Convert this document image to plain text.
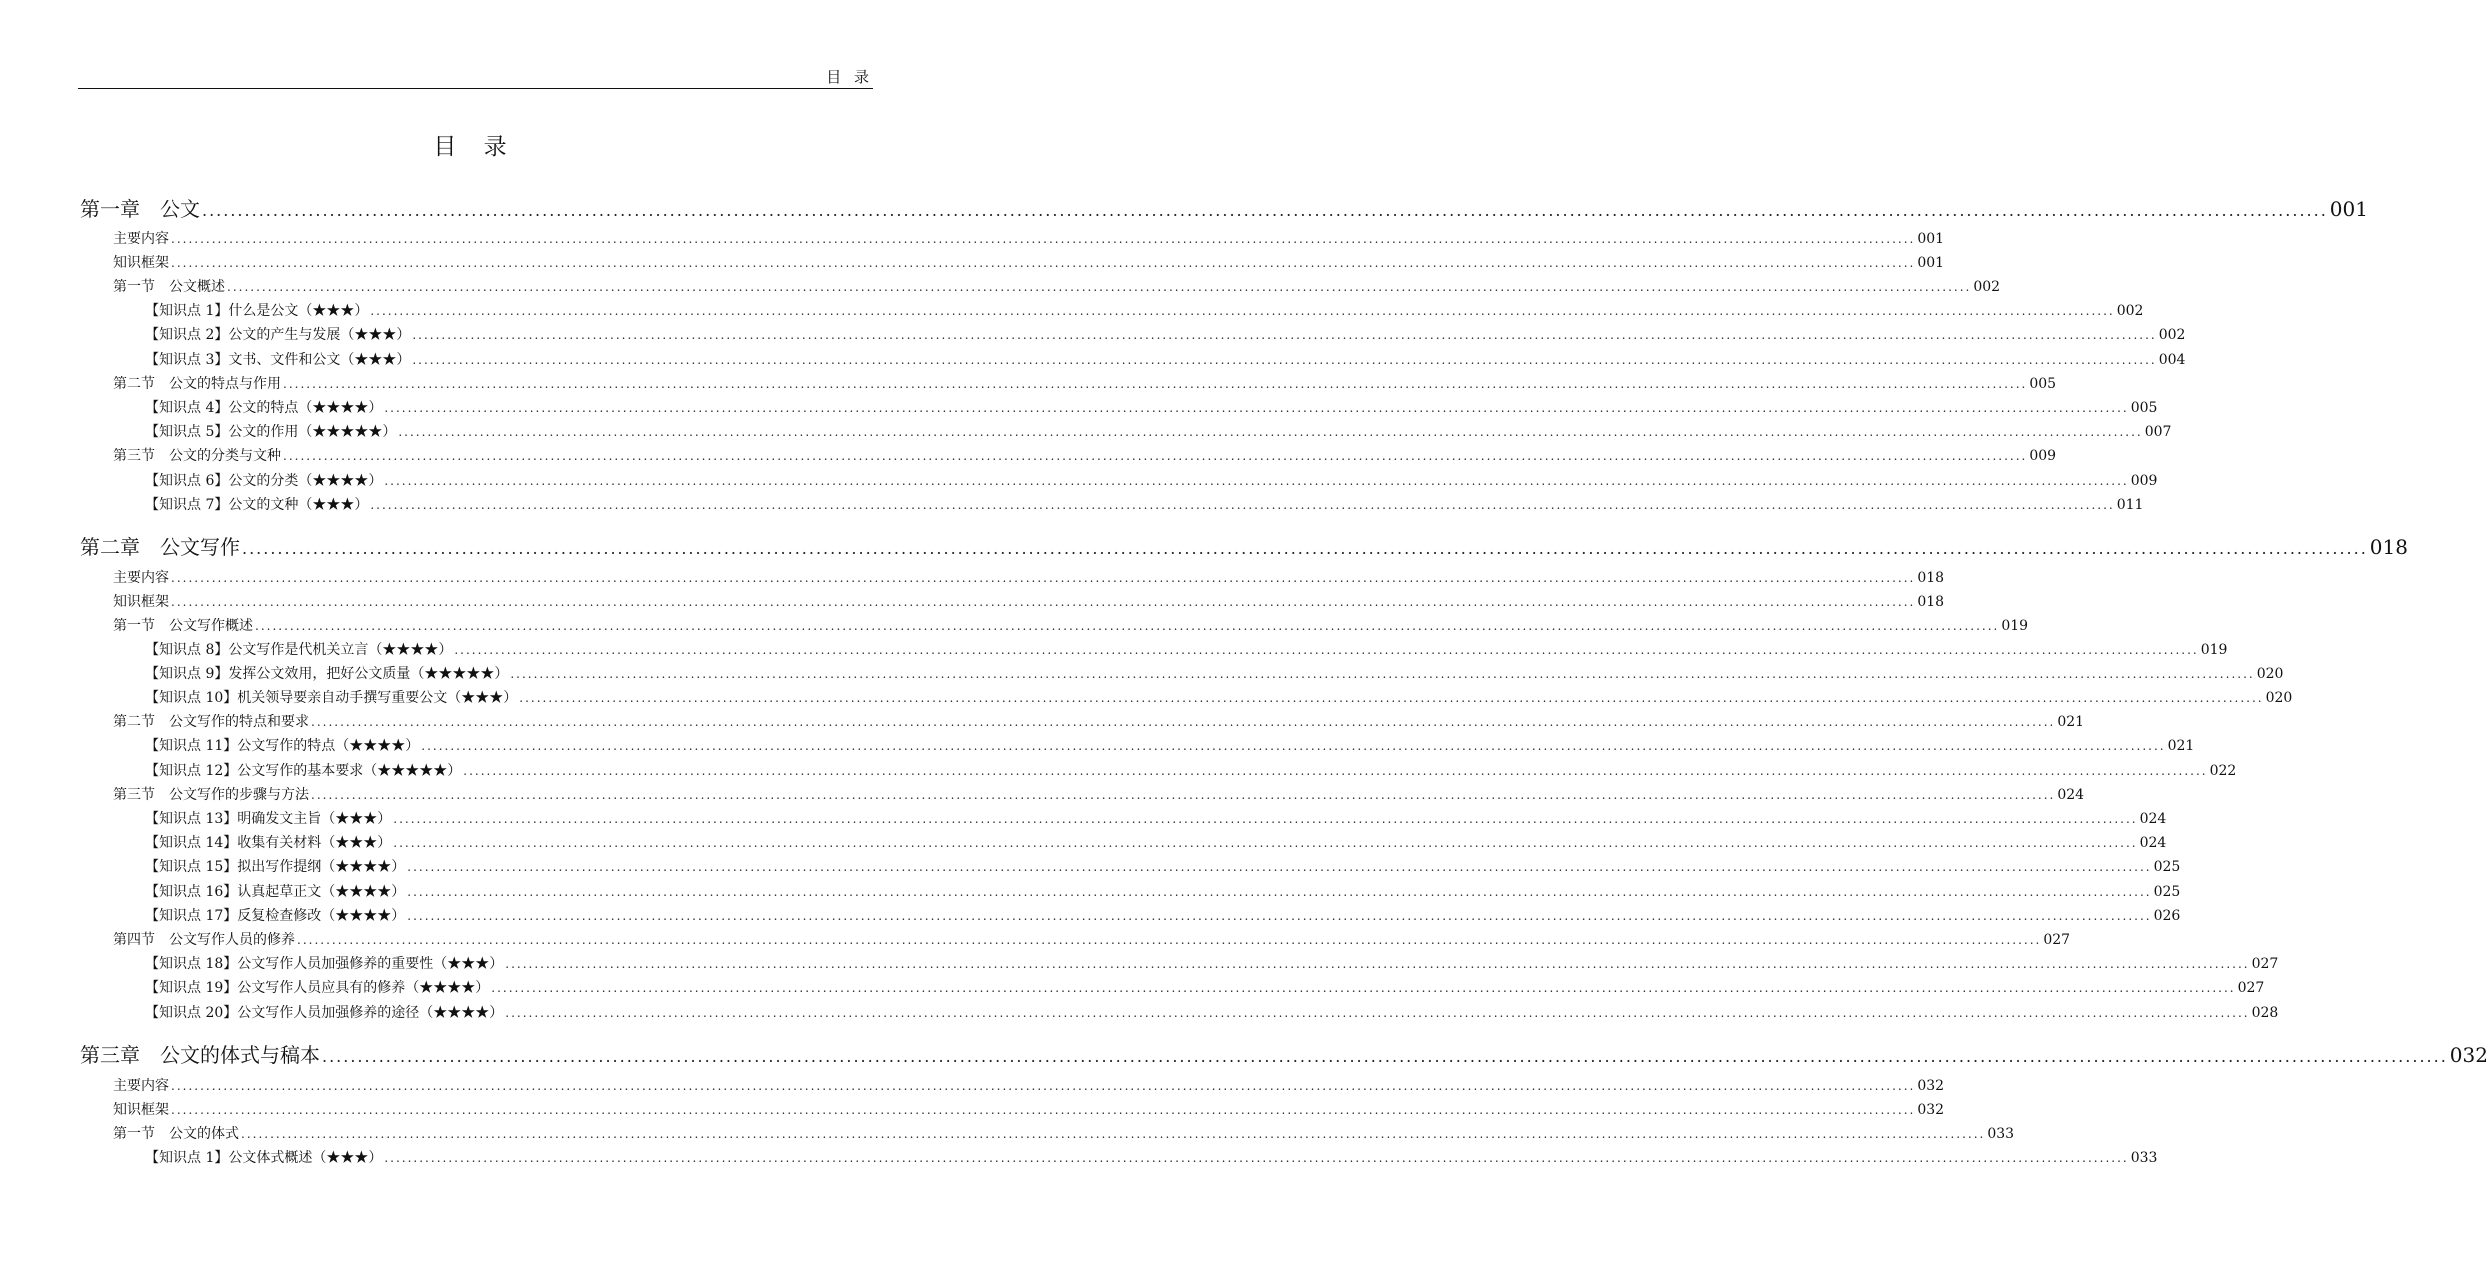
目 录
目 录
第一章　公文 ............................................................................................................................................................................................................................................................................................................ 001
主要内容 ............................................................................................................................................................................................................................................................................................................ 001
知识框架 ............................................................................................................................................................................................................................................................................................................ 001
第一节　公文概述 ............................................................................................................................................................................................................................................................................................................ 002
【知识点 1】什么是公文（★★★） ............................................................................................................................................................................................................................................................................................................ 002
【知识点 2】公文的产生与发展（★★★） ............................................................................................................................................................................................................................................................................................................ 002
【知识点 3】文书、文件和公文（★★★） ............................................................................................................................................................................................................................................................................................................ 004
第二节　公文的特点与作用 ............................................................................................................................................................................................................................................................................................................ 005
【知识点 4】公文的特点（★★★★） ............................................................................................................................................................................................................................................................................................................ 005
【知识点 5】公文的作用（★★★★★） ............................................................................................................................................................................................................................................................................................................ 007
第三节　公文的分类与文种 ............................................................................................................................................................................................................................................................................................................ 009
【知识点 6】公文的分类（★★★★） ............................................................................................................................................................................................................................................................................................................ 009
【知识点 7】公文的文种（★★★） ............................................................................................................................................................................................................................................................................................................ 011
第二章　公文写作 ............................................................................................................................................................................................................................................................................................................ 018
主要内容 ............................................................................................................................................................................................................................................................................................................ 018
知识框架 ............................................................................................................................................................................................................................................................................................................ 018
第一节　公文写作概述 ............................................................................................................................................................................................................................................................................................................ 019
【知识点 8】公文写作是代机关立言（★★★★） ............................................................................................................................................................................................................................................................................................................ 019
【知识点 9】发挥公文效用，把好公文质量（★★★★★） ............................................................................................................................................................................................................................................................................................................ 020
【知识点 10】机关领导要亲自动手撰写重要公文（★★★） ............................................................................................................................................................................................................................................................................................................ 020
第二节　公文写作的特点和要求 ............................................................................................................................................................................................................................................................................................................ 021
【知识点 11】公文写作的特点（★★★★） ............................................................................................................................................................................................................................................................................................................ 021
【知识点 12】公文写作的基本要求（★★★★★） ............................................................................................................................................................................................................................................................................................................ 022
第三节　公文写作的步骤与方法 ............................................................................................................................................................................................................................................................................................................ 024
【知识点 13】明确发文主旨（★★★） ............................................................................................................................................................................................................................................................................................................ 024
【知识点 14】收集有关材料（★★★） ............................................................................................................................................................................................................................................................................................................ 024
【知识点 15】拟出写作提纲（★★★★） ............................................................................................................................................................................................................................................................................................................ 025
【知识点 16】认真起草正文（★★★★） ............................................................................................................................................................................................................................................................................................................ 025
【知识点 17】反复检查修改（★★★★） ............................................................................................................................................................................................................................................................................................................ 026
第四节　公文写作人员的修养 ............................................................................................................................................................................................................................................................................................................ 027
【知识点 18】公文写作人员加强修养的重要性（★★★） ............................................................................................................................................................................................................................................................................................................ 027
【知识点 19】公文写作人员应具有的修养（★★★★） ............................................................................................................................................................................................................................................................................................................ 027
【知识点 20】公文写作人员加强修养的途径（★★★★） ............................................................................................................................................................................................................................................................................................................ 028
第三章　公文的体式与稿本 ............................................................................................................................................................................................................................................................................................................ 032
主要内容 ............................................................................................................................................................................................................................................................................................................ 032
知识框架 ............................................................................................................................................................................................................................................................................................................ 032
第一节　公文的体式 ............................................................................................................................................................................................................................................................................................................ 033
【知识点 1】公文体式概述（★★★） ............................................................................................................................................................................................................................................................................................................ 033
